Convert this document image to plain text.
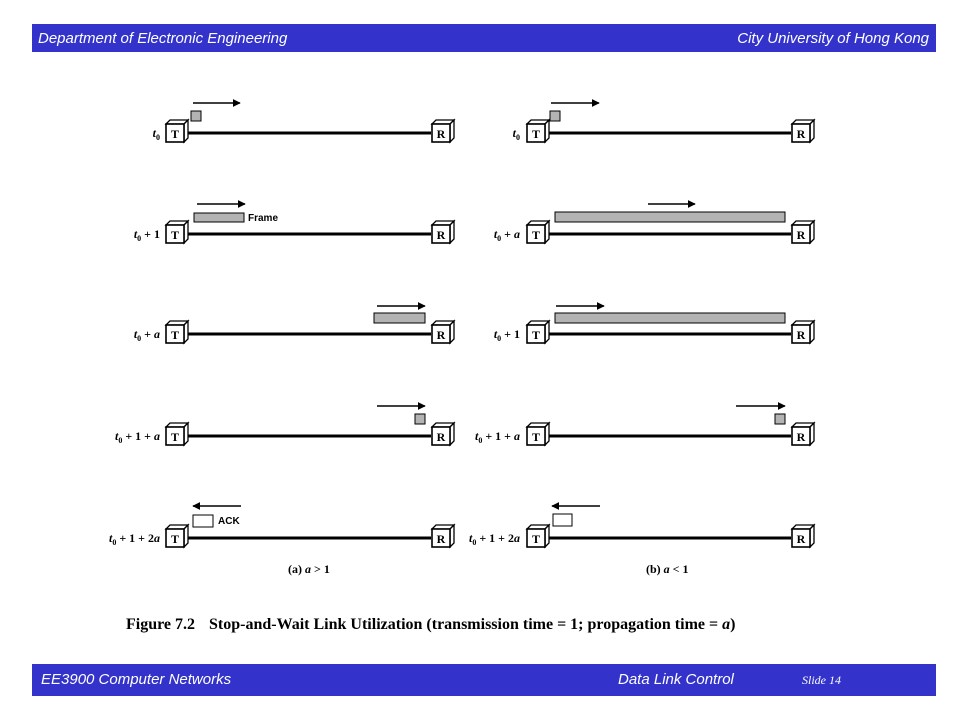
Department of Electronic Engineering	City University of Hong Kong
T	R
$t_0$
T	R
$t_0 + 1$
T	R
$t_0 + a$
T	R
$t_0 + 1 + a$
T	R
$t_0 + 1 + 2a$
T	R
$t_0$
T	R
$t_0 + a$
T	R
$t_0 + 1$
T	R
$t_0 + 1 + a$
T	R
$t_0 + 1 + 2a$
Frame
ACK
(a) a > 1	(b) a < 1
Figure 7.2 Stop-and-Wait Link Utilization (transmission time = 1; propagation time = a)
EE3900 Computer Networks	Data Link Control	Slide 14
